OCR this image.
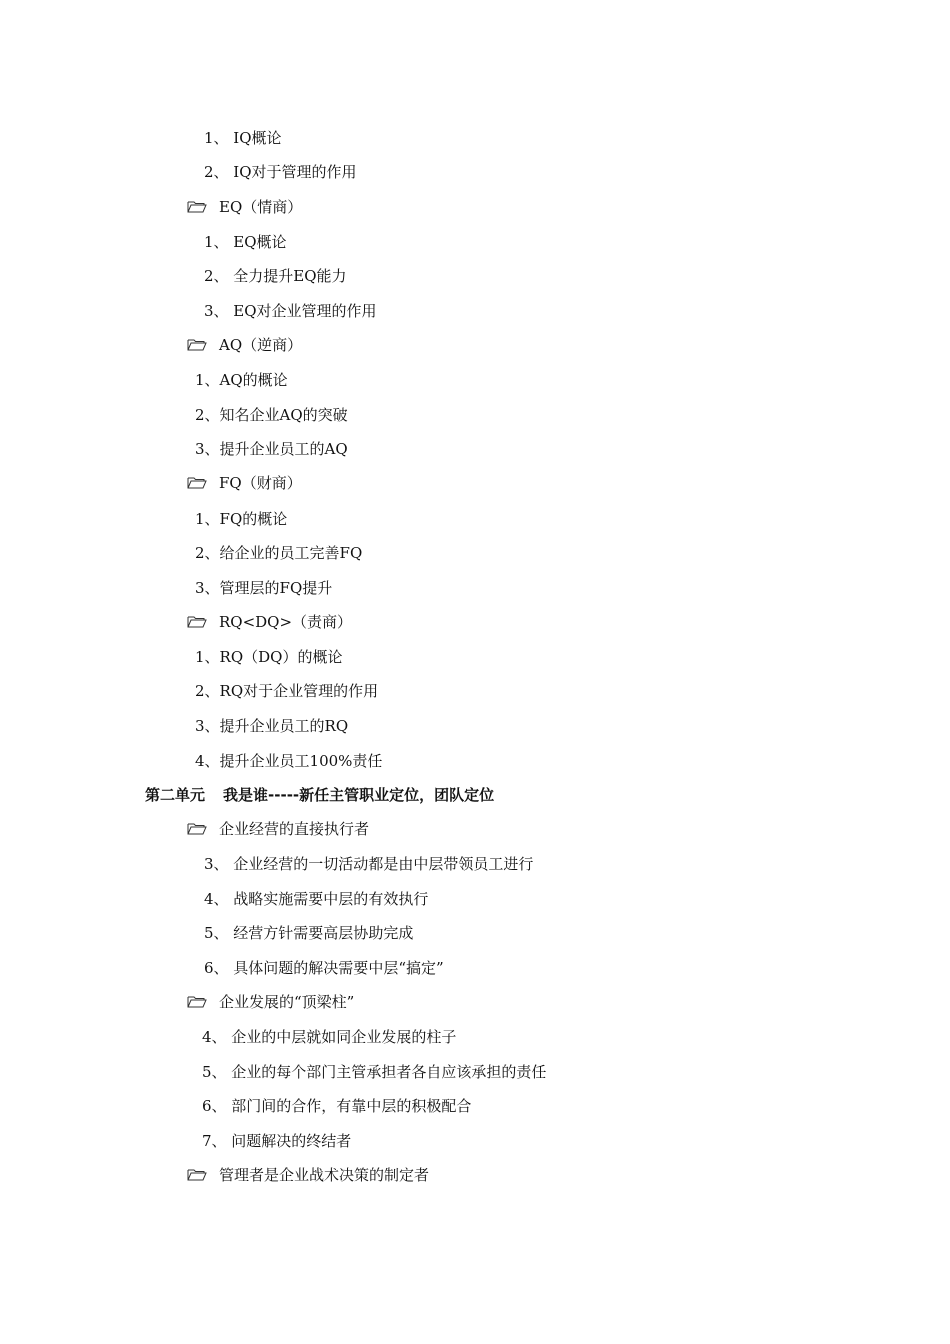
1、 IQ概论
2、 IQ对于管理的作用
EQ（情商）
1、 EQ概论
2、 全力提升EQ能力
3、 EQ对企业管理的作用
AQ（逆商）
1、AQ的概论
2、知名企业AQ的突破
3、提升企业员工的AQ
FQ（财商）
1、FQ的概论
2、给企业的员工完善FQ
3、管理层的FQ提升
RQ<DQ>（责商）
1、RQ（DQ）的概论
2、RQ对于企业管理的作用
3、提升企业员工的RQ
4、提升企业员工100%责任
第二单元 我是谁-----新任主管职业定位，团队定位
企业经营的直接执行者
3、 企业经营的一切活动都是由中层带领员工进行
4、 战略实施需要中层的有效执行
5、 经营方针需要高层协助完成
6、 具体问题的解决需要中层“搞定”
企业发展的“顶梁柱”
4、 企业的中层就如同企业发展的柱子
5、 企业的每个部门主管承担者各自应该承担的责任
6、 部门间的合作，有靠中层的积极配合
7、 问题解决的终结者
管理者是企业战术决策的制定者
